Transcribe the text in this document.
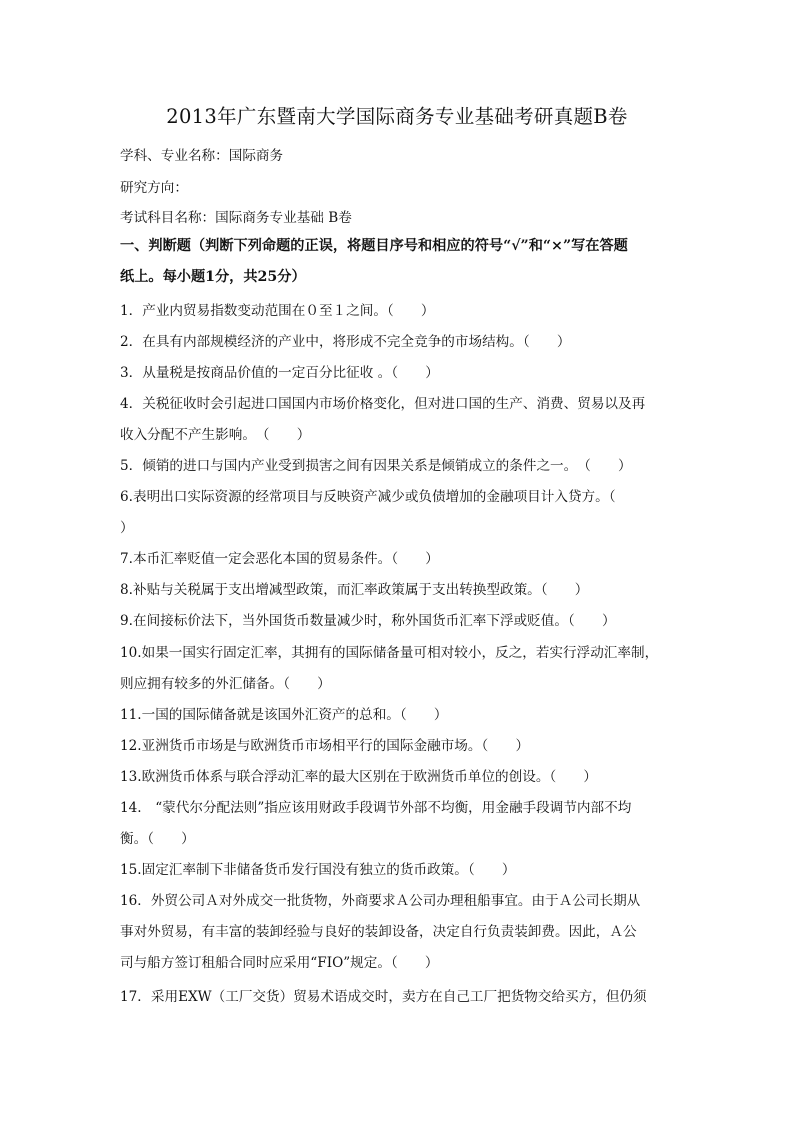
2013年广东暨南大学国际商务专业基础考研真题B卷
学科、专业名称：国际商务
研究方向：
考试科目名称：国际商务专业基础 B卷
一、判断题（判断下列命题的正误，将题目序号和相应的符号“√”和“×”写在答题
纸上。每小题1分，共25分）
1．产业内贸易指数变动范围在０至１之间。（　　）
2．在具有内部规模经济的产业中，将形成不完全竞争的市场结构。（　　）
3．从量税是按商品价值的一定百分比征收 。（　　）
4．关税征收时会引起进口国国内市场价格变化，但对进口国的生产、消费、贸易以及再
收入分配不产生影响。　（　　）
5．倾销的进口与国内产业受到损害之间有因果关系是倾销成立的条件之一。　（　　）
6.表明出口实际资源的经常项目与反映资产减少或负债增加的金融项目计入贷方。（
）
7.本币汇率贬值一定会恶化本国的贸易条件。（　　）
8.补贴与关税属于支出增减型政策，而汇率政策属于支出转换型政策。（　　）
9.在间接标价法下，当外国货币数量减少时，称外国货币汇率下浮或贬值。（　　）
10.如果一国实行固定汇率，其拥有的国际储备量可相对较小，反之，若实行浮动汇率制，
则应拥有较多的外汇储备。（　　）
11.一国的国际储备就是该国外汇资产的总和。（　　）
12.亚洲货币市场是与欧洲货币市场相平行的国际金融市场。（　　）
13.欧洲货币体系与联合浮动汇率的最大区别在于欧洲货币单位的创设。（　　）
14.　“蒙代尔分配法则”指应该用财政手段调节外部不均衡，用金融手段调节内部不均
衡。（　　）
15.固定汇率制下非储备货币发行国没有独立的货币政策。（　　）
16．外贸公司Ａ对外成交一批货物，外商要求Ａ公司办理租船事宜。由于Ａ公司长期从
事对外贸易，有丰富的装卸经验与良好的装卸设备，决定自行负责装卸费。因此，Ａ公
司与船方签订租船合同时应采用“FIO”规定。（　　）
17．采用EXW（工厂交货）贸易术语成交时，卖方在自己工厂把货物交给买方，但仍须
